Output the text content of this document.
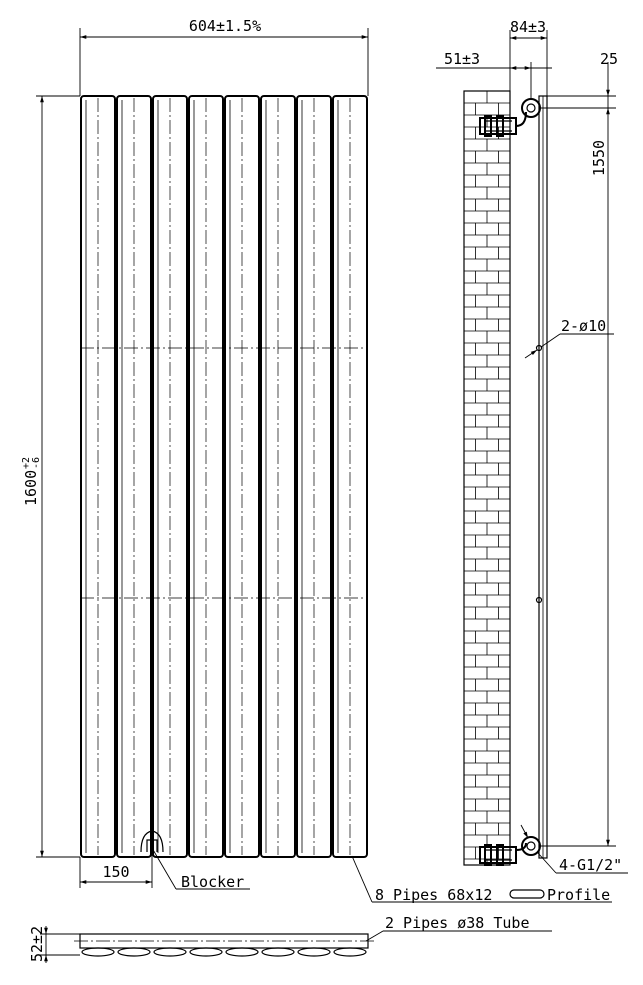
604±1.5%
1600
+2 -6
150
Blocker
8 Pipes 68x12	Profile
84±3
51±3	25
1550
2-ø10
4-G1/2"
52±2
2 Pipes ø38 Tube
